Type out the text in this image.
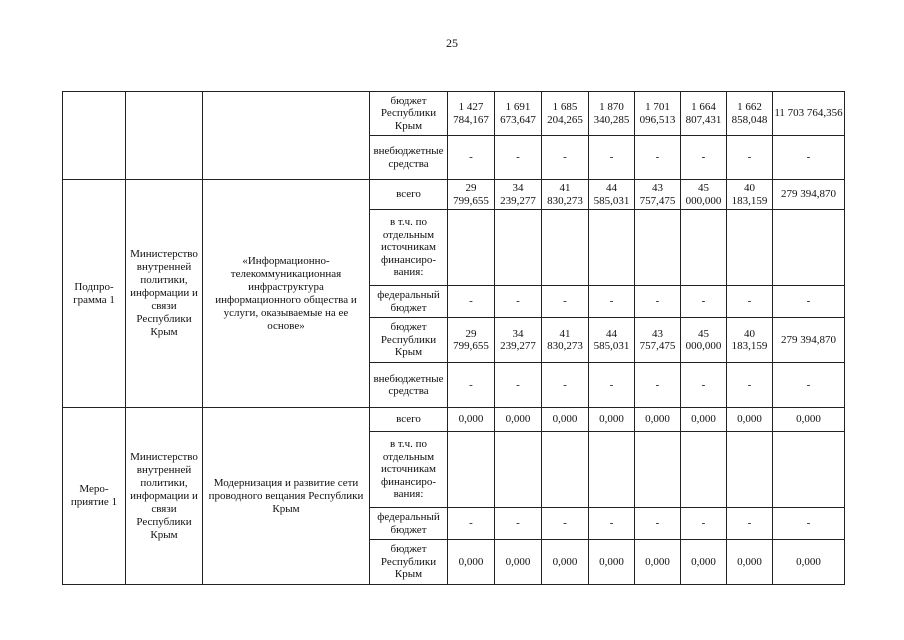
25
			бюджет Республики Крым	1 427 784,167	1 691 673,647	1 685 204,265	1 870 340,285	1 701 096,513	1 664 807,431	1 662 858,048	11 703 764,356
			внебюджетные средства	-	-	-	-	-	-	-	-
Подпрограмма 1	Министерство внутренней политики, информации и связи Республики Крым	«Информационно-телекоммуникационная инфраструктура информационного общества и услуги, оказываемые на ее основе»	всего	29 799,655	34 239,277	41 830,273	44 585,031	43 757,475	45 000,000	40 183,159	279 394,870
			в т.ч. по отдельным источникам финансирования:								
			федеральный бюджет	-	-	-	-	-	-	-	-
			бюджет Республики Крым	29 799,655	34 239,277	41 830,273	44 585,031	43 757,475	45 000,000	40 183,159	279 394,870
			внебюджетные средства	-	-	-	-	-	-	-	-
Мероприятие 1	Министерство внутренней политики, информации и связи Республики Крым	Модернизация и развитие сети проводного вещания Республики Крым	всего	0,000	0,000	0,000	0,000	0,000	0,000	0,000	0,000
			в т.ч. по отдельным источникам финансирования:								
			федеральный бюджет	-	-	-	-	-	-	-	-
			бюджет Республики Крым	0,000	0,000	0,000	0,000	0,000	0,000	0,000	0,000
